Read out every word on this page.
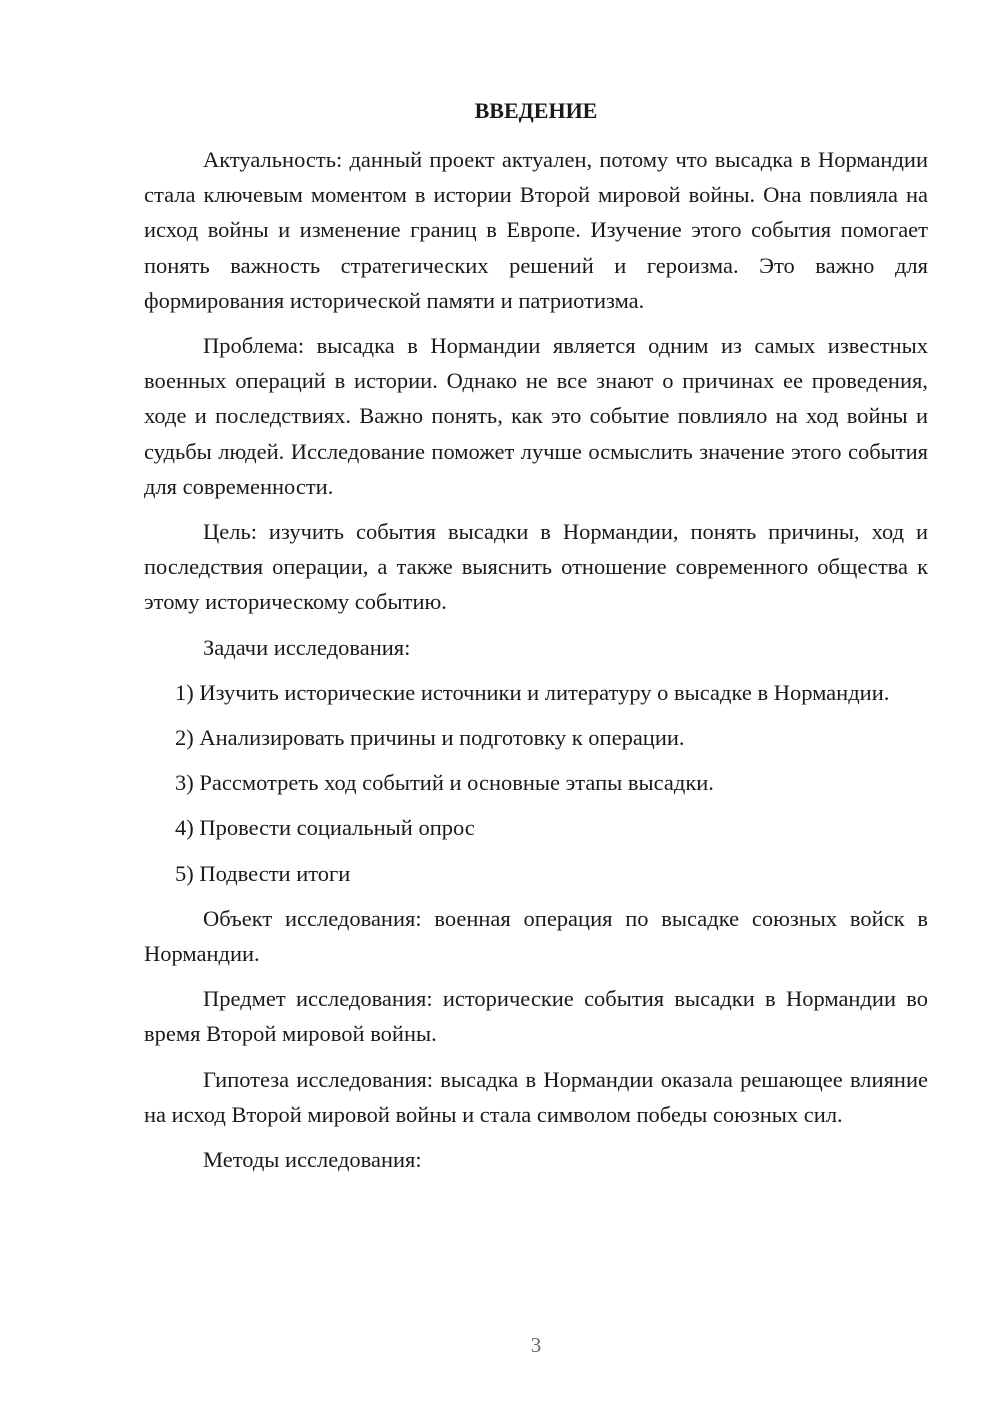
ВВЕДЕНИЕ

Актуальность: данный проект актуален, потому что высадка в Нормандии стала ключевым моментом в истории Второй мировой войны. Она повлияла на исход войны и изменение границ в Европе. Изучение этого события помогает понять важность стратегических решений и героизма. Это важно для формирования исторической памяти и патриотизма.

Проблема: высадка в Нормандии является одним из самых известных военных операций в истории. Однако не все знают о причинах ее проведения, ходе и последствиях. Важно понять, как это событие повлияло на ход войны и судьбы людей. Исследование поможет лучше осмыслить значение этого события для современности.

Цель: изучить события высадки в Нормандии, понять причины, ход и последствия операции, а также выяснить отношение современного общества к этому историческому событию.

Задачи исследования:

1) Изучить исторические источники и литературу о высадке в Нормандии.

2) Анализировать причины и подготовку к операции.

3) Рассмотреть ход событий и основные этапы высадки.

4) Провести социальный опрос

5) Подвести итоги

Объект исследования: военная операция по высадке союзных войск в Нормандии.

Предмет исследования: исторические события высадки в Нормандии во время Второй мировой войны.

Гипотеза исследования: высадка в Нормандии оказала решающее влияние на исход Второй мировой войны и стала символом победы союзных сил.

Методы исследования:

3
